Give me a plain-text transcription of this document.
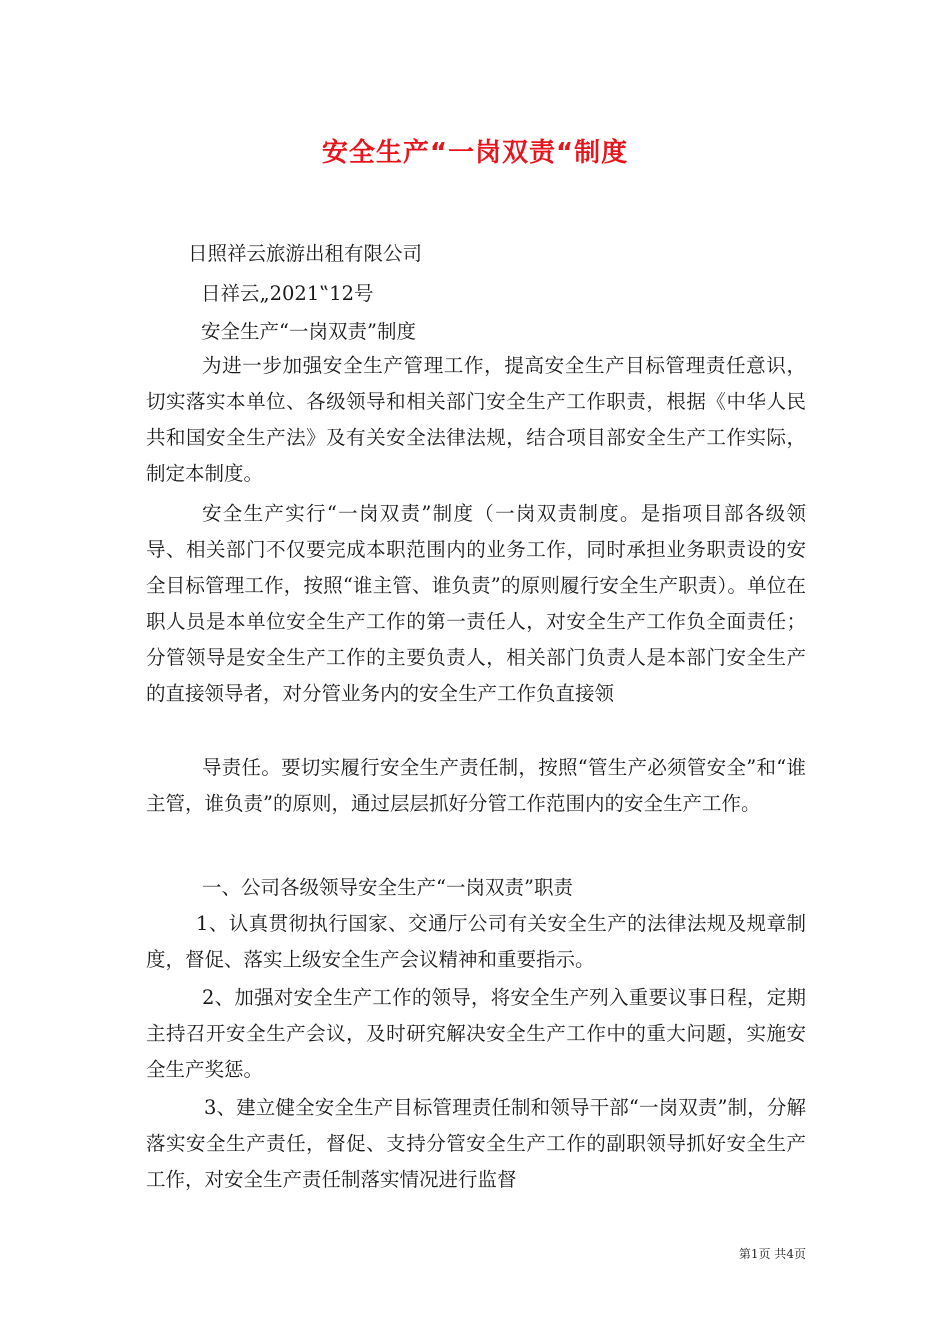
安全生产“一岗双责“制度
日照祥云旅游出租有限公司
日祥云„2021‟12号
安全生产“一岗双责”制度

为进一步加强安全生产管理工作，提高安全生产目标管理责任意识，切实落实本单位、各级领导和相关部门安全生产工作职责，根据《中华人民共和国安全生产法》及有关安全法律法规，结合项目部安全生产工作实际，制定本制度。

安全生产实行“一岗双责”制度（一岗双责制度。是指项目部各级领导、相关部门不仅要完成本职范围内的业务工作，同时承担业务职责设的安全目标管理工作，按照“谁主管、谁负责”的原则履行安全生产职责）。单位在职人员是本单位安全生产工作的第一责任人，对安全生产工作负全面责任；分管领导是安全生产工作的主要负责人，相关部门负责人是本部门安全生产的直接领导者，对分管业务内的安全生产工作负直接领

导责任。要切实履行安全生产责任制，按照“管生产必须管安全”和“谁主管，谁负责”的原则，通过层层抓好分管工作范围内的安全生产工作。

一、公司各级领导安全生产“一岗双责”职责

1、认真贯彻执行国家、交通厅公司有关安全生产的法律法规及规章制度，督促、落实上级安全生产会议精神和重要指示。

2、加强对安全生产工作的领导，将安全生产列入重要议事日程，定期主持召开安全生产会议，及时研究解决安全生产工作中的重大问题，实施安全生产奖惩。

3、建立健全安全生产目标管理责任制和领导干部“一岗双责”制，分解落实安全生产责任，督促、支持分管安全生产工作的副职领导抓好安全生产工作，对安全生产责任制落实情况进行监督

第1页 共4页
